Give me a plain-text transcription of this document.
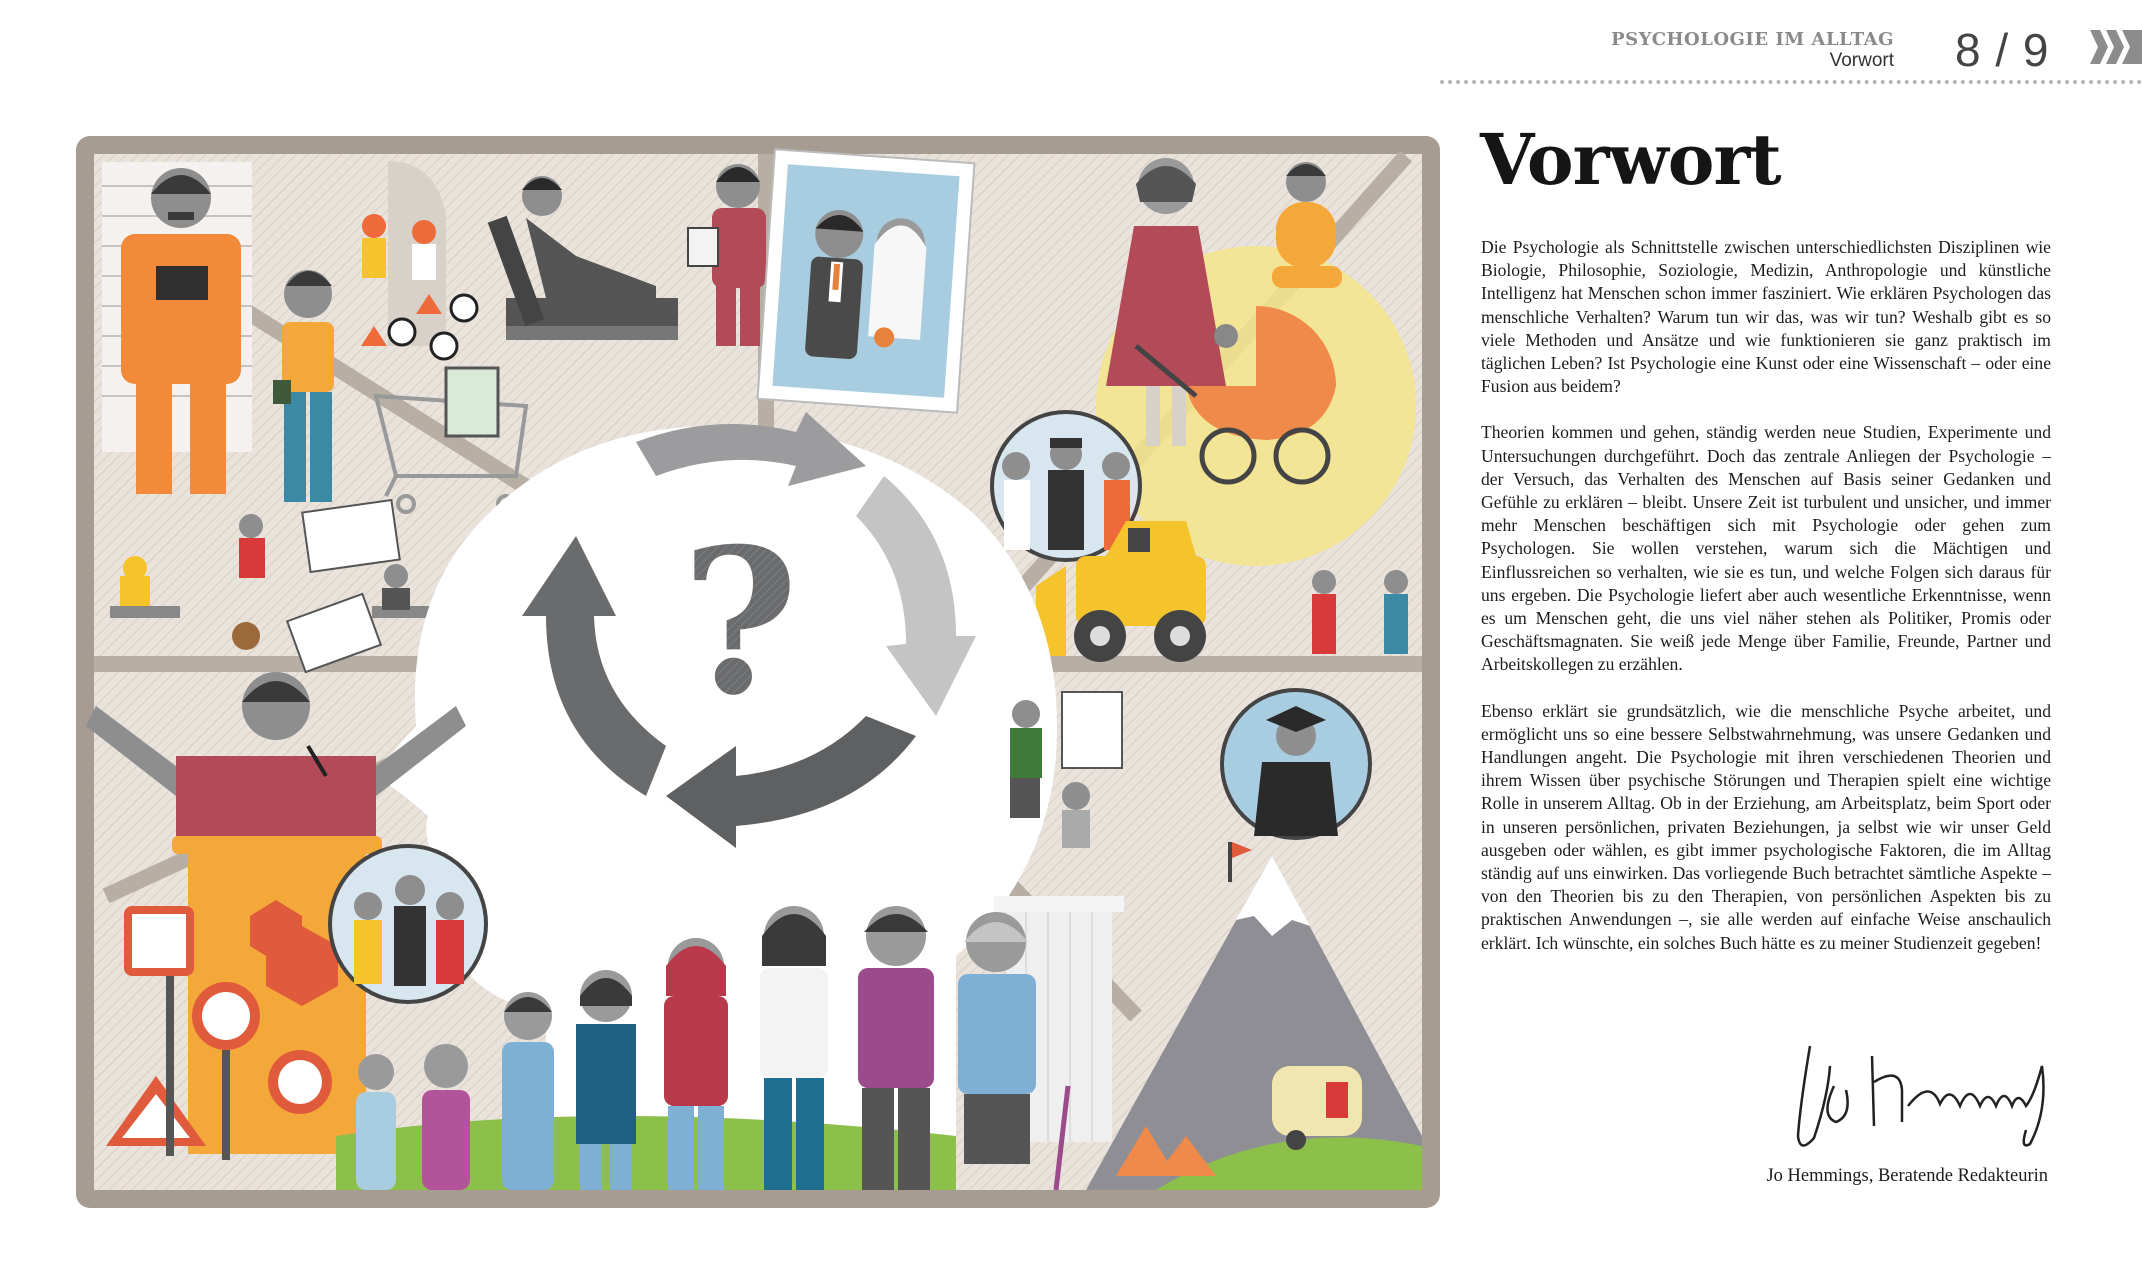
PSYCHOLOGIE IM ALLTAG
Vorwort 8 / 9
?
Vorwort

Die Psychologie als Schnittstelle zwischen unterschiedlichsten Disziplinen wie Biologie, Philosophie, Soziologie, Medizin, Anthropologie und künstliche Intelligenz hat Menschen schon immer fasziniert. Wie erklären Psychologen das menschliche Verhalten? Warum tun wir das, was wir tun? Weshalb gibt es so viele Methoden und Ansätze und wie funktionieren sie ganz praktisch im täglichen Leben? Ist Psychologie eine Kunst oder eine Wissenschaft – oder eine Fusion aus beidem?

Theorien kommen und gehen, ständig werden neue Studien, Experimente und Untersuchungen durchgeführt. Doch das zentrale Anliegen der Psychologie – der Versuch, das Verhalten des Menschen auf Basis seiner Gedanken und Gefühle zu erklären – bleibt. Unsere Zeit ist turbulent und unsicher, und immer mehr Menschen beschäftigen sich mit Psychologie oder gehen zum Psychologen. Sie wollen verstehen, warum sich die Mächtigen und Einflussreichen so verhalten, wie sie es tun, und welche Folgen sich daraus für uns ergeben. Die Psychologie liefert aber auch wesentliche Erkenntnisse, wenn es um Menschen geht, die uns viel näher stehen als Politiker, Promis oder Geschäftsmagnaten. Sie weiß jede Menge über Familie, Freunde, Partner und Arbeitskollegen zu erzählen.

Ebenso erklärt sie grundsätzlich, wie die menschliche Psyche arbeitet, und ermöglicht uns so eine bessere Selbstwahrnehmung, was unsere Gedanken und Handlungen angeht. Die Psychologie mit ihren verschiedenen Theorien und ihrem Wissen über psychische Störungen und Therapien spielt eine wichtige Rolle in unserem Alltag. Ob in der Erziehung, am Arbeitsplatz, beim Sport oder in unseren persönlichen, privaten Beziehungen, ja selbst wie wir unser Geld ausgeben oder wählen, es gibt immer psychologische Faktoren, die im Alltag ständig auf uns einwirken. Das vorliegende Buch betrachtet sämtliche Aspekte – von den Theorien bis zu den Therapien, von persönlichen Aspekten bis zu praktischen Anwendungen –, sie alle werden auf einfache Weise anschaulich erklärt. Ich wünschte, ein solches Buch hätte es zu meiner Studienzeit gegeben!

Jo Hemmings, Beratende Redakteurin
